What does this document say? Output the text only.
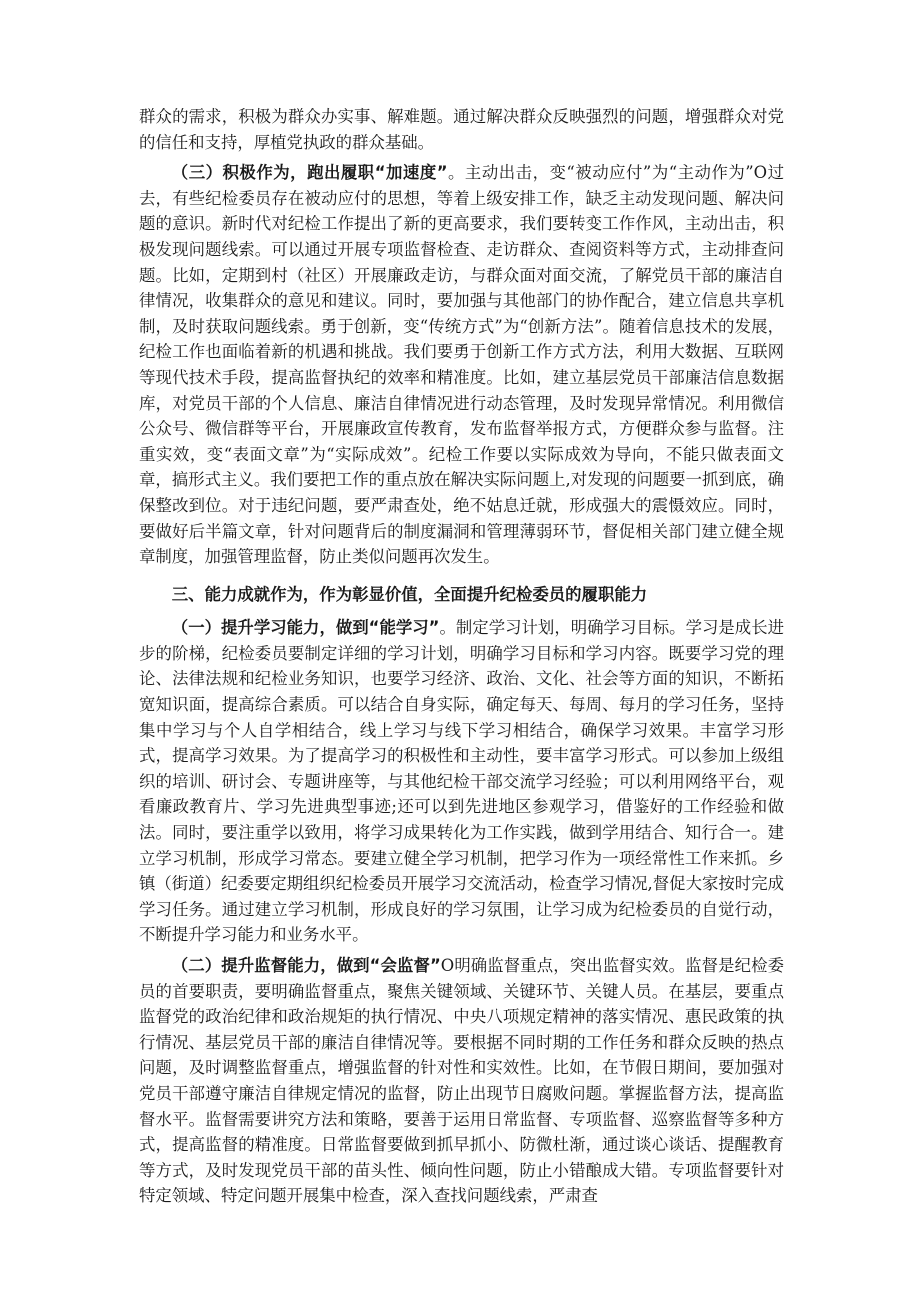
群众的需求，积极为群众办实事、解难题。通过解决群众反映强烈的问题，增强群众对党的信任和支持，厚植党执政的群众基础。

（三）积极作为，跑出履职“加速度”。主动出击，变“被动应付”为“主动作为”O过去，有些纪检委员存在被动应付的思想，等着上级安排工作，缺乏主动发现问题、解决问题的意识。新时代对纪检工作提出了新的更高要求，我们要转变工作作风，主动出击，积极发现问题线索。可以通过开展专项监督检查、走访群众、查阅资料等方式，主动排查问题。比如，定期到村（社区）开展廉政走访，与群众面对面交流，了解党员干部的廉洁自律情况，收集群众的意见和建议。同时，要加强与其他部门的协作配合，建立信息共享机制，及时获取问题线索。勇于创新，变“传统方式”为“创新方法”。随着信息技术的发展，纪检工作也面临着新的机遇和挑战。我们要勇于创新工作方式方法，利用大数据、互联网等现代技术手段，提高监督执纪的效率和精准度。比如，建立基层党员干部廉洁信息数据库，对党员干部的个人信息、廉洁自律情况进行动态管理，及时发现异常情况。利用微信公众号、微信群等平台，开展廉政宣传教育，发布监督举报方式，方便群众参与监督。注重实效，变“表面文章”为“实际成效”。纪检工作要以实际成效为导向，不能只做表面文章，搞形式主义。我们要把工作的重点放在解决实际问题上,对发现的问题要一抓到底，确保整改到位。对于违纪问题，要严肃查处，绝不姑息迁就，形成强大的震慑效应。同时，要做好后半篇文章，针对问题背后的制度漏洞和管理薄弱环节，督促相关部门建立健全规章制度，加强管理监督，防止类似问题再次发生。

三、能力成就作为，作为彰显价值，全面提升纪检委员的履职能力

（一）提升学习能力，做到“能学习”。制定学习计划，明确学习目标。学习是成长进步的阶梯，纪检委员要制定详细的学习计划，明确学习目标和学习内容。既要学习党的理论、法律法规和纪检业务知识，也要学习经济、政治、文化、社会等方面的知识，不断拓宽知识面，提高综合素质。可以结合自身实际，确定每天、每周、每月的学习任务，坚持集中学习与个人自学相结合，线上学习与线下学习相结合，确保学习效果。丰富学习形式，提高学习效果。为了提高学习的积极性和主动性，要丰富学习形式。可以参加上级组织的培训、研讨会、专题讲座等，与其他纪检干部交流学习经验；可以利用网络平台，观看廉政教育片、学习先进典型事迹;还可以到先进地区参观学习，借鉴好的工作经验和做法。同时，要注重学以致用，将学习成果转化为工作实践，做到学用结合、知行合一。建立学习机制，形成学习常态。要建立健全学习机制，把学习作为一项经常性工作来抓。乡镇（街道）纪委要定期组织纪检委员开展学习交流活动，检查学习情况,督促大家按时完成学习任务。通过建立学习机制，形成良好的学习氛围，让学习成为纪检委员的自觉行动，不断提升学习能力和业务水平。

（二）提升监督能力，做到“会监督”O明确监督重点，突出监督实效。监督是纪检委员的首要职责，要明确监督重点，聚焦关键领域、关键环节、关键人员。在基层，要重点监督党的政治纪律和政治规矩的执行情况、中央八项规定精神的落实情况、惠民政策的执行情况、基层党员干部的廉洁自律情况等。要根据不同时期的工作任务和群众反映的热点问题，及时调整监督重点，增强监督的针对性和实效性。比如，在节假日期间，要加强对党员干部遵守廉洁自律规定情况的监督，防止出现节日腐败问题。掌握监督方法，提高监督水平。监督需要讲究方法和策略，要善于运用日常监督、专项监督、巡察监督等多种方式，提高监督的精准度。日常监督要做到抓早抓小、防微杜渐，通过谈心谈话、提醒教育等方式，及时发现党员干部的苗头性、倾向性问题，防止小错酿成大错。专项监督要针对特定领域、特定问题开展集中检查，深入查找问题线索，严肃查
